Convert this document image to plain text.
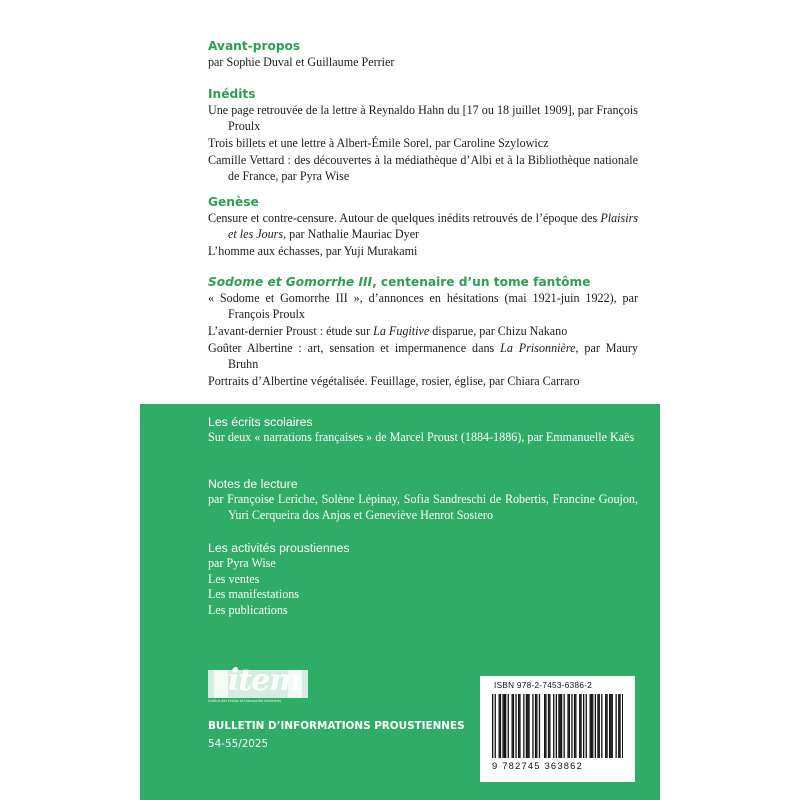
Avant-propos
par Sophie Duval et Guillaume Perrier
Inédits
Une page retrouvée de la lettre à Reynaldo Hahn du [17 ou 18 juillet 1909], par François Proulx
Trois billets et une lettre à Albert-Émile Sorel, par Caroline Szylowicz
Camille Vettard : des découvertes à la médiathèque d’Albi et à la Bibliothèque nationale de France, par Pyra Wise
Genèse
Censure et contre-censure. Autour de quelques inédits retrouvés de l’époque des Plaisirs et les Jours, par Nathalie Mauriac Dyer
L’homme aux échasses, par Yuji Murakami
Sodome et Gomorrhe III, centenaire d’un tome fantôme
« Sodome et Gomorrhe III », d’annonces en hésitations (mai 1921-juin 1922), par François Proulx
L’avant-dernier Proust : étude sur La Fugitive disparue, par Chizu Nakano
Goûter Albertine : art, sensation et impermanence dans La Prisonnière, par Maury Bruhn
Portraits d’Albertine végétalisée. Feuillage, rosier, église, par Chiara Carraro
Les écrits scolaires
Sur deux « narrations françaises » de Marcel Proust (1884-1886), par Emmanuelle Kaës
Notes de lecture
par Françoise Leriche, Solène Lépinay, Sofia Sandreschi de Robertis, Francine Goujon, Yuri Cerqueira dos Anjos et Geneviève Henrot Sostero
Les activités proustiennes
par Pyra Wise
Les ventes
Les manifestations
Les publications
item
Institut des textes et manuscrits modernes
BULLETIN D’INFORMATIONS PROUSTIENNES
54-55/2025
ISBN 978-2-7453-6386-2
9 782745 363862
